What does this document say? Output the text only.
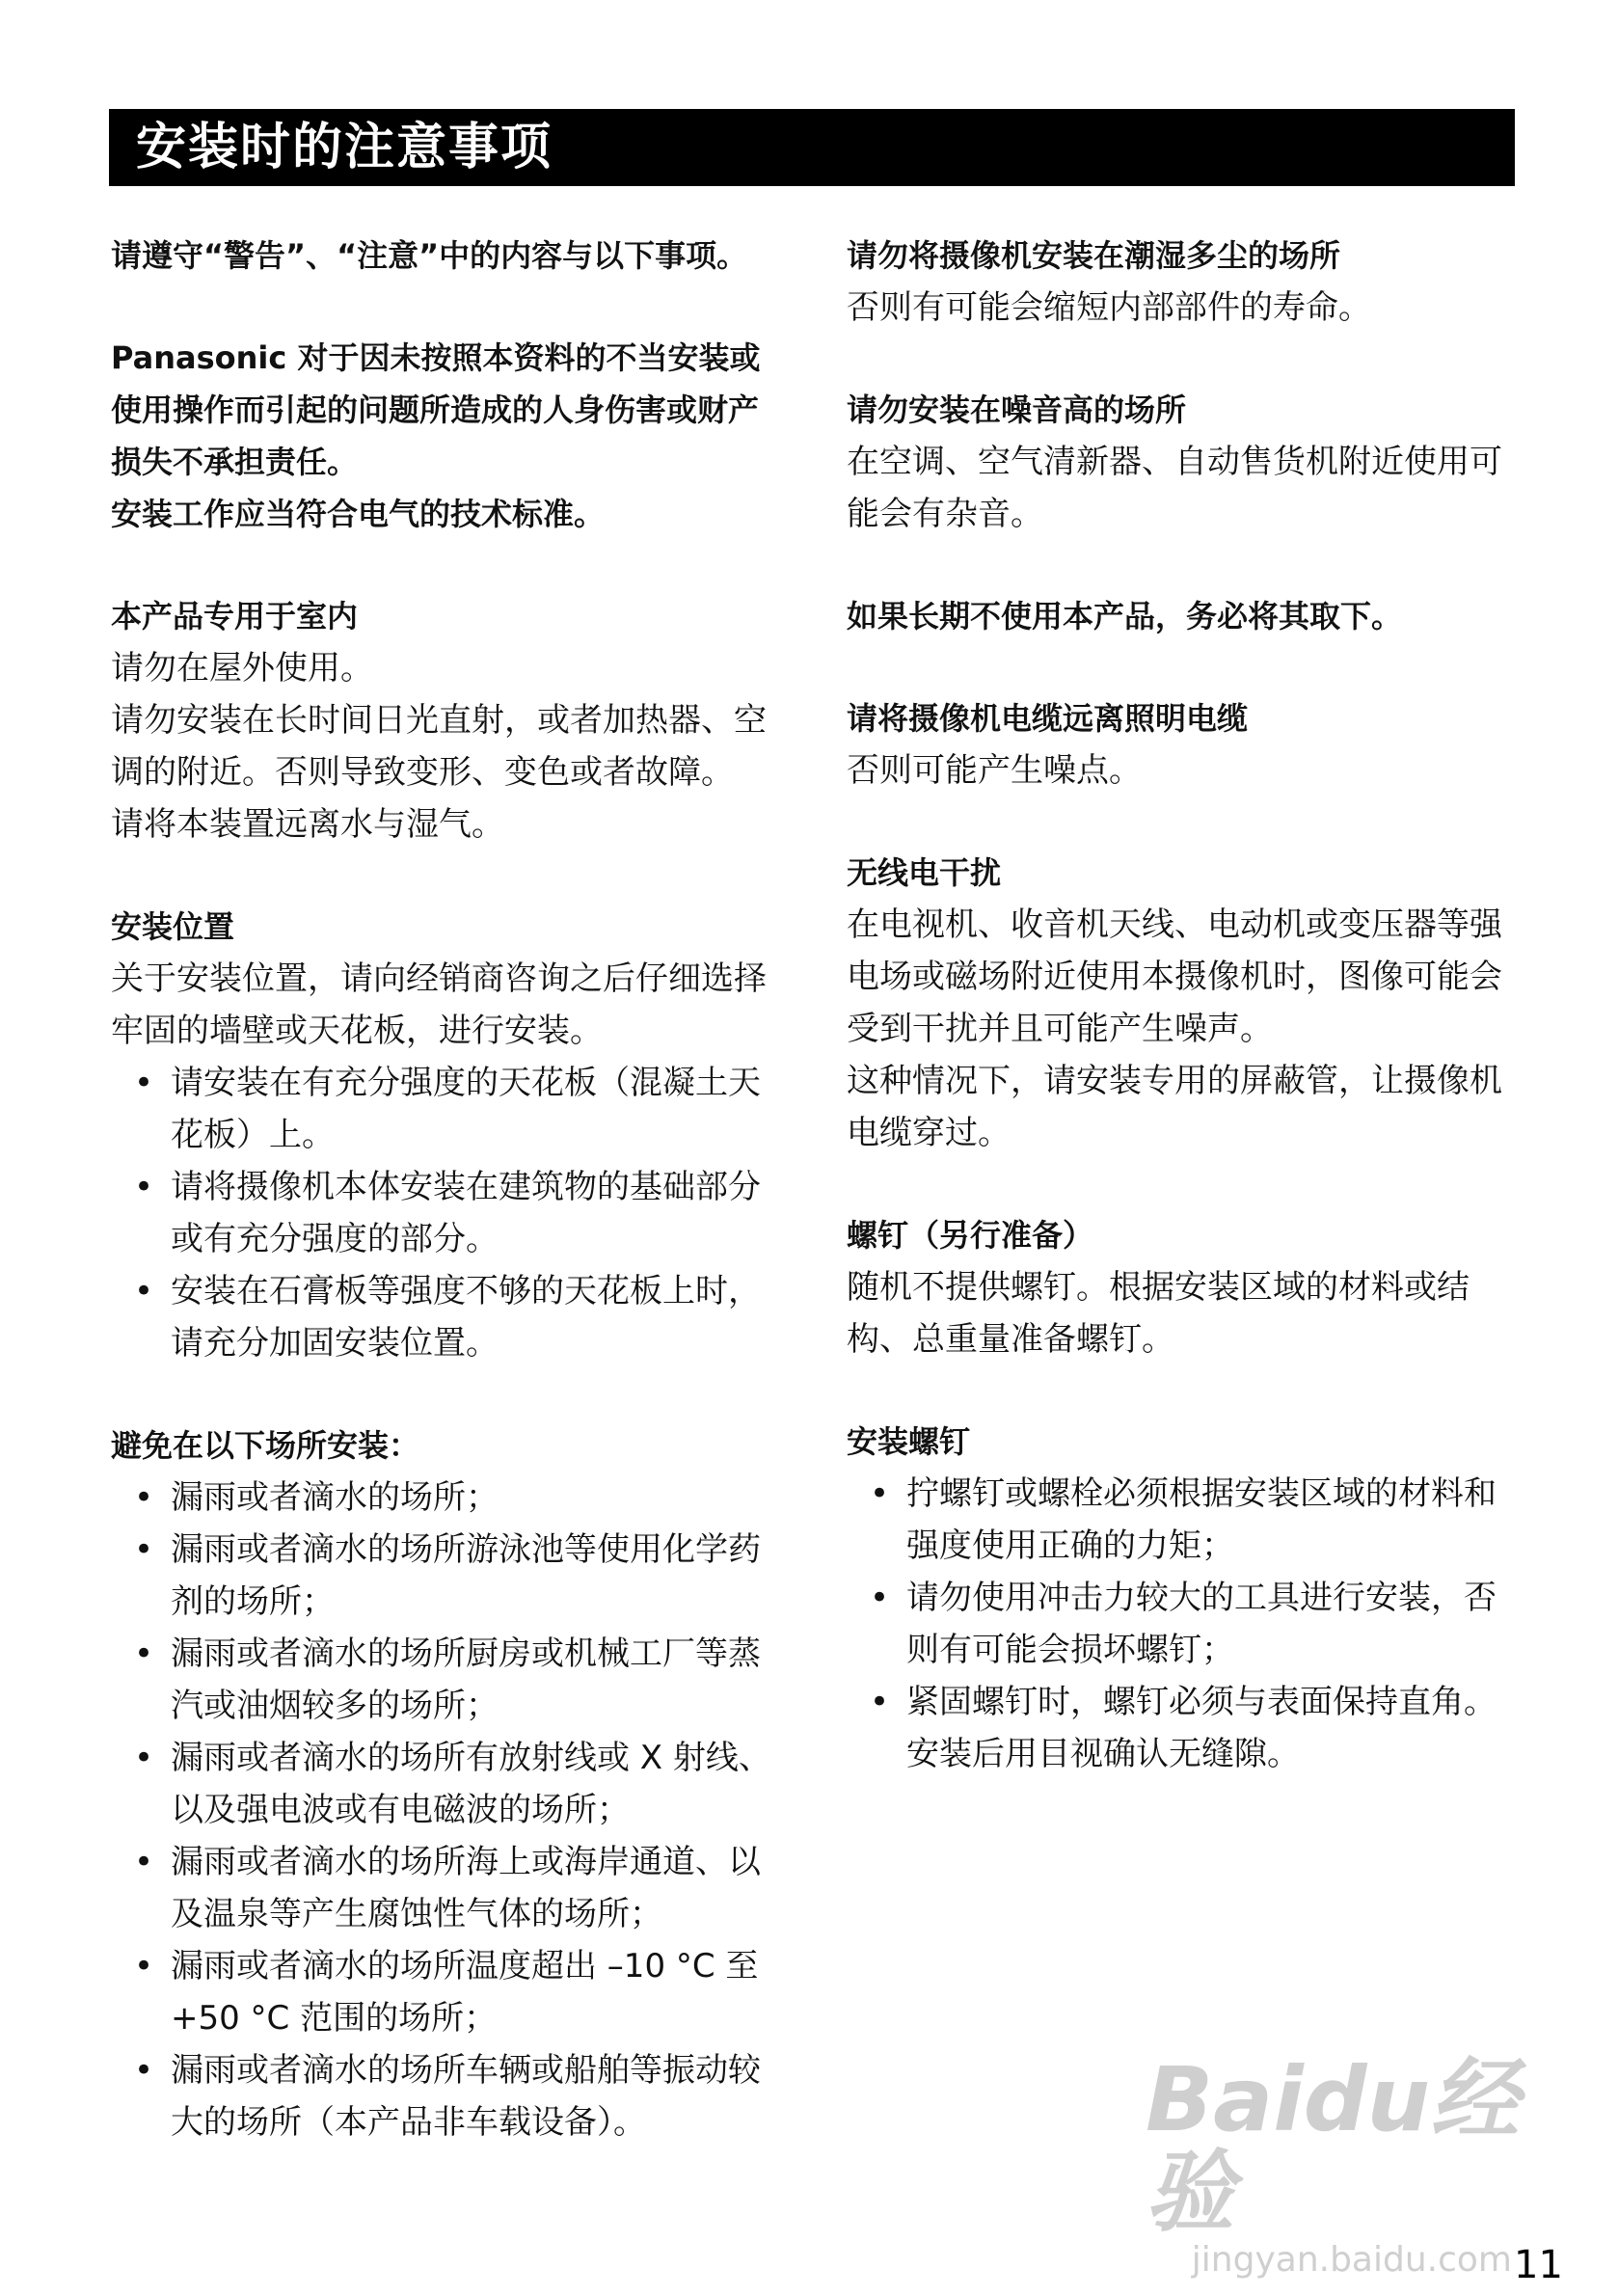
安装时的注意事项
请遵守“警告”、“注意”中的内容与以下事项。
Panasonic 对于因未按照本资料的不当安装或使用操作而引起的问题所造成的人身伤害或财产损失不承担责任。
安装工作应当符合电气的技术标准。
本产品专用于室内
请勿在屋外使用。
请勿安装在长时间日光直射，或者加热器、空调的附近。否则导致变形、变色或者故障。
请将本装置远离水与湿气。
安装位置
关于安装位置，请向经销商咨询之后仔细选择牢固的墙壁或天花板，进行安装。
• 请安装在有充分强度的天花板（混凝土天花板）上。
• 请将摄像机本体安装在建筑物的基础部分或有充分强度的部分。
• 安装在石膏板等强度不够的天花板上时，请充分加固安装位置。
避免在以下场所安装：
• 漏雨或者滴水的场所；
• 漏雨或者滴水的场所游泳池等使用化学药剂的场所；
• 漏雨或者滴水的场所厨房或机械工厂等蒸汽或油烟较多的场所；
• 漏雨或者滴水的场所有放射线或 X 射线、以及强电波或有电磁波的场所；
• 漏雨或者滴水的场所海上或海岸通道、以及温泉等产生腐蚀性气体的场所；
• 漏雨或者滴水的场所温度超出 –10 °C 至 +50 °C 范围的场所；
• 漏雨或者滴水的场所车辆或船舶等振动较大的场所（本产品非车载设备）。
请勿将摄像机安装在潮湿多尘的场所
否则有可能会缩短内部部件的寿命。
请勿安装在噪音高的场所
在空调、空气清新器、自动售货机附近使用可能会有杂音。
如果长期不使用本产品，务必将其取下。
请将摄像机电缆远离照明电缆
否则可能产生噪点。
无线电干扰
在电视机、收音机天线、电动机或变压器等强电场或磁场附近使用本摄像机时，图像可能会受到干扰并且可能产生噪声。
这种情况下，请安装专用的屏蔽管，让摄像机电缆穿过。
螺钉（另行准备）
随机不提供螺钉。根据安装区域的材料或结构、总重量准备螺钉。
安装螺钉
• 拧螺钉或螺栓必须根据安装区域的材料和强度使用正确的力矩；
• 请勿使用冲击力较大的工具进行安装，否则有可能会损坏螺钉；
• 紧固螺钉时，螺钉必须与表面保持直角。安装后用目视确认无缝隙。
Baidu经验
jingyan.baidu.com 11
